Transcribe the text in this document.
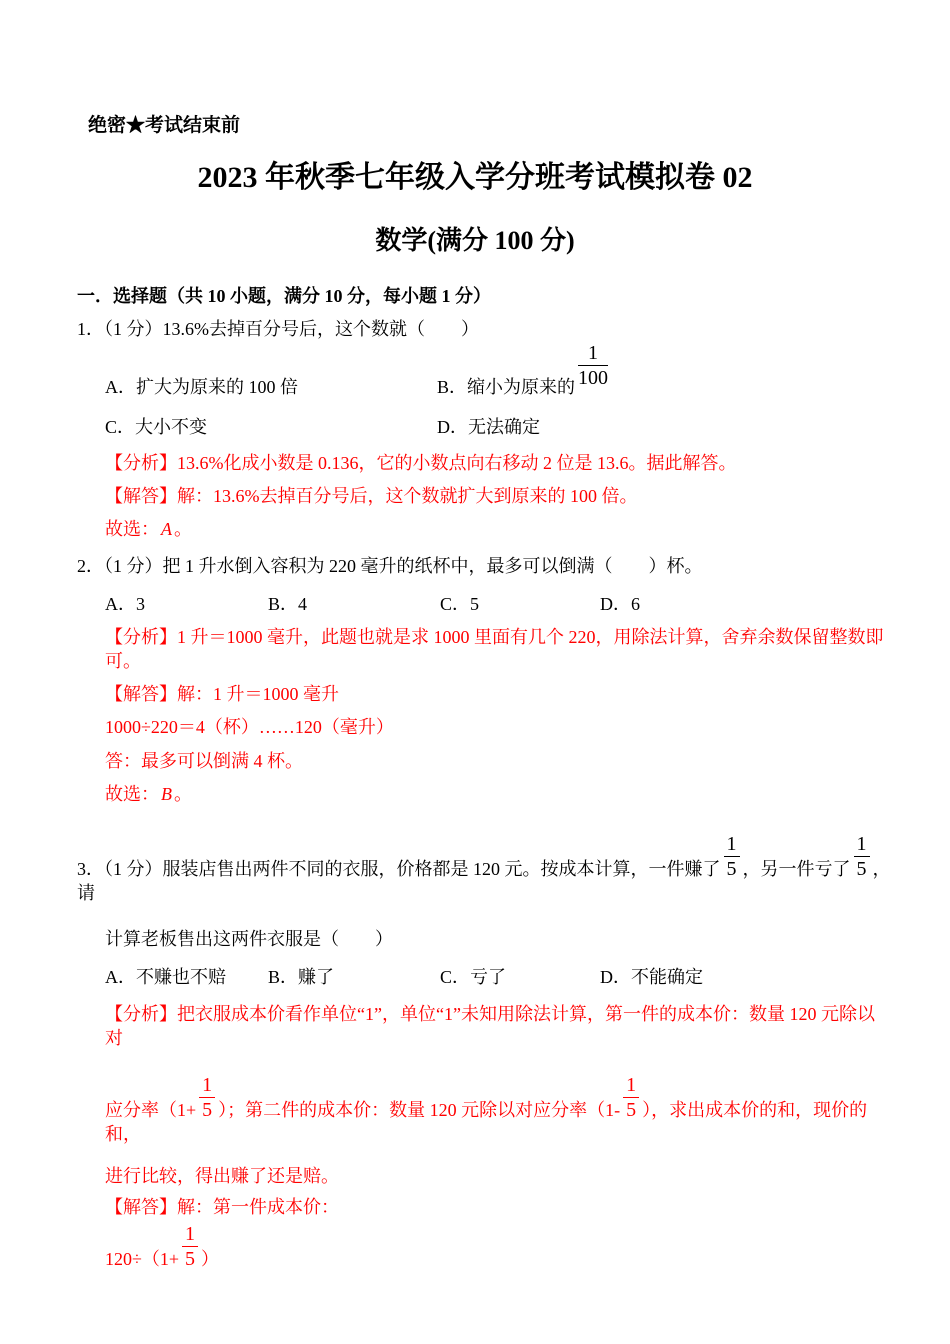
绝密★考试结束前

2023 年秋季七年级入学分班考试模拟卷 02
数学(满分 100 分)

一．选择题（共 10 小题，满分 10 分，每小题 1 分）

1．（1 分）13.6%去掉百分号后，这个数就（　　）

A．扩大为原来的 100 倍	B．缩小为原来的 $\frac{1}{100}$
C．大小不变	D．无法确定

【分析】13.6%化成小数是 0.136，它的小数点向右移动 2 位是 13.6。据此解答。

【解答】解：13.6%去掉百分号后，这个数就扩大到原来的 100 倍。

故选： A 。

2．（1 分）把 1 升水倒入容积为 220 毫升的纸杯中，最多可以倒满（　　）杯。

A．3	B．4	C．5	D．6

【分析】1 升＝1000 毫升，此题也就是求 1000 里面有几个 220，用除法计算，舍弃余数保留整数即可。

【解答】解：1 升＝1000 毫升

1000÷220＝4（杯）……120（毫升）

答：最多可以倒满 4 杯。

故选： B 。

3．（1 分）服装店售出两件不同的衣服，价格都是 120 元。按成本计算，一件赚了 $\frac{1}{5}$ ，另一件亏了 $\frac{1}{5}$ ，请

计算老板售出这两件衣服是（　　）

A．不赚也不赔	B．赚了	C．亏了	D．不能确定

【分析】把衣服成本价看作单位“1”，单位“1”未知用除法计算，第一件的成本价：数量 120 元除以对

应分率（$1+ \frac{1}{5}$ ）；第二件的成本价：数量 120 元除以对应分率（$1- \frac{1}{5}$ ），求出成本价的和，现价的和，

进行比较，得出赚了还是赔。

【解答】解：第一件成本价：

$120\div(1+ \frac{1}{5}$ ）
